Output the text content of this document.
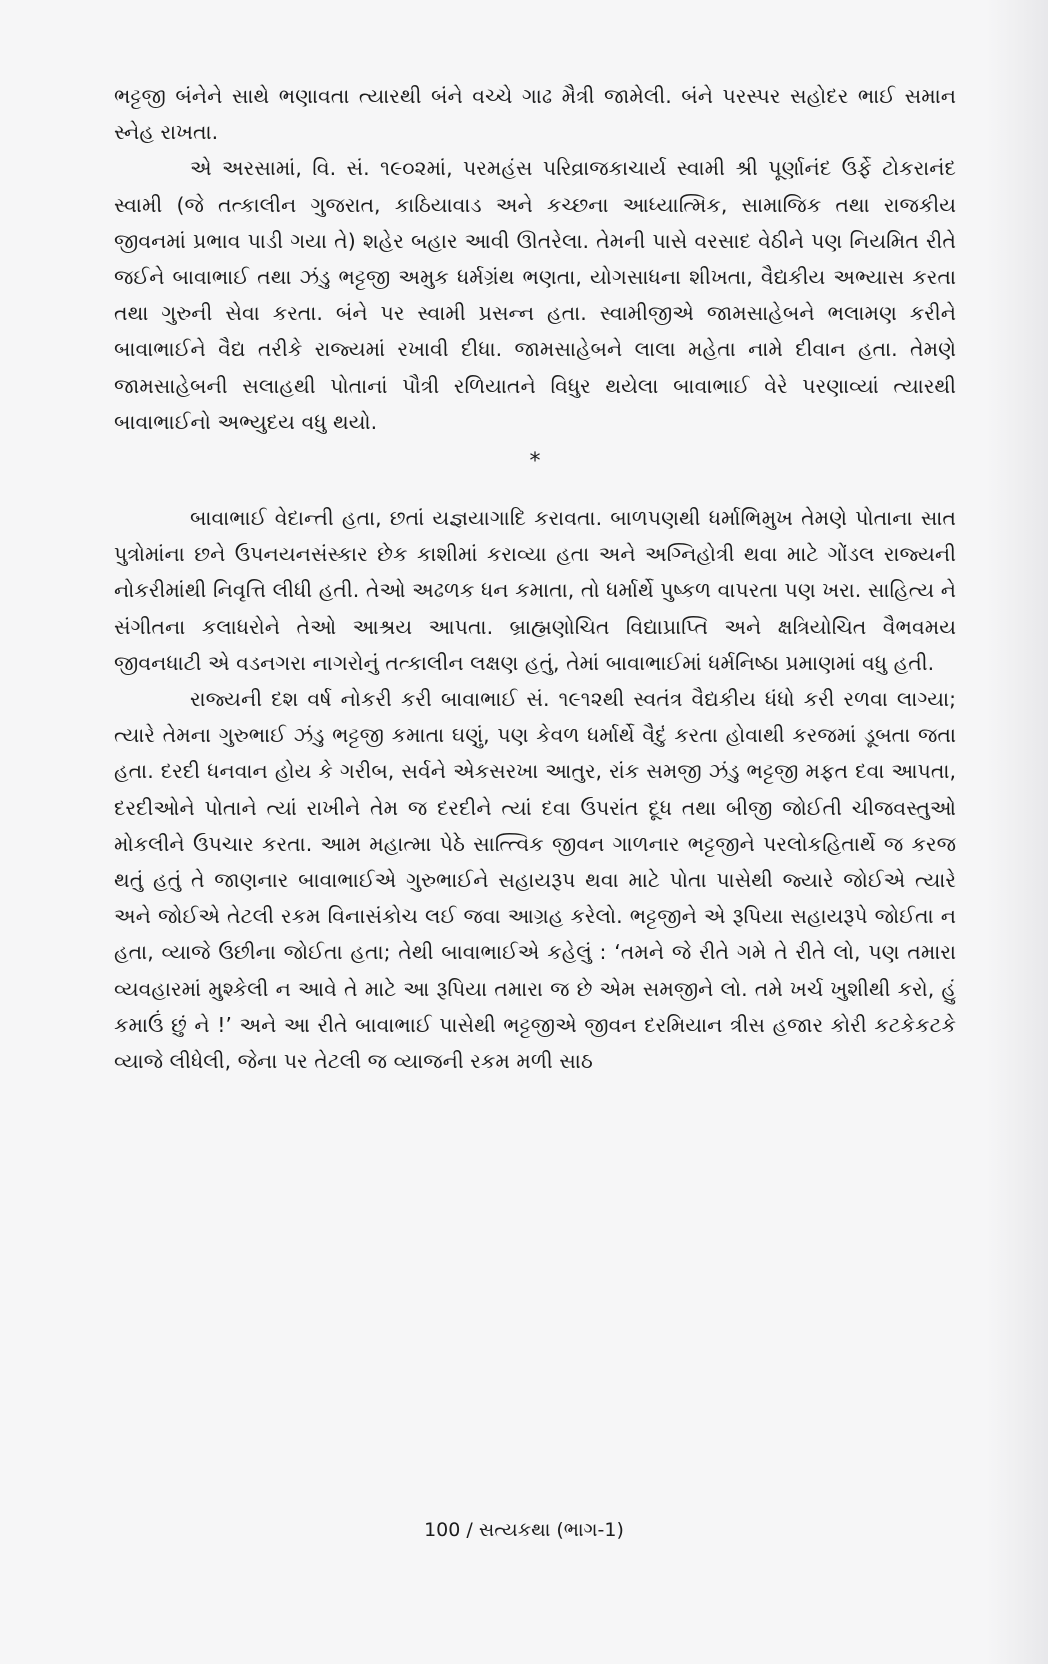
ભટ્ટજી બંનેને સાથે ભણાવતા ત્યારથી બંને વચ્ચે ગાઢ મૈત્રી જામેલી. બંને પરસ્પર સહોદર ભાઈ સમાન સ્નેહ રાખતા.

એ અરસામાં, વિ. સં. ૧૯૦૨માં, પરમહંસ પરિવ્રાજકાચાર્ય સ્વામી શ્રી પૂર્ણાનંદ ઉર્ફે ટોકરાનંદ સ્વામી (જે તત્કાલીન ગુજરાત, કાઠિયાવાડ અને કચ્છના આધ્યાત્મિક, સામાજિક તથા રાજકીય જીવનમાં પ્રભાવ પાડી ગયા તે) શહેર બહાર આવી ઊતરેલા. તેમની પાસે વરસાદ વેઠીને પણ નિયમિત રીતે જઈને બાવાભાઈ તથા ઝંડુ ભટ્ટજી અમુક ધર્મગ્રંથ ભણતા, યોગસાધના શીખતા, વૈદ્યકીય અભ્યાસ કરતા તથા ગુરુની સેવા કરતા. બંને પર સ્વામી પ્રસન્ન હતા. સ્વામીજીએ જામસાહેબને ભલામણ કરીને બાવાભાઈને વૈદ્ય તરીકે રાજ્યમાં રખાવી દીધા. જામસાહેબને લાલા મહેતા નામે દીવાન હતા. તેમણે જામસાહેબની સલાહથી પોતાનાં પૌત્રી રળિયાતને વિધુર થયેલા બાવાભાઈ વેરે પરણાવ્યાં ત્યારથી બાવાભાઈનો અભ્યુદય વધુ થયો.

*

બાવાભાઈ વેદાન્તી હતા, છતાં યજ્ઞયાગાદિ કરાવતા. બાળપણથી ધર્માભિમુખ તેમણે પોતાના સાત પુત્રોમાંના છને ઉપનયનસંસ્કાર છેક કાશીમાં કરાવ્યા હતા અને અગ્નિહોત્રી થવા માટે ગોંડલ રાજ્યની નોકરીમાંથી નિવૃત્તિ લીધી હતી. તેઓ અઢળક ધન કમાતા, તો ધર્માર્થે પુષ્કળ વાપરતા પણ ખરા. સાહિત્ય ને સંગીતના કલાધરોને તેઓ આશ્રય આપતા. બ્રાહ્મણોચિત વિદ્યાપ્રાપ્તિ અને ક્ષત્રિયોચિત વૈભવમય જીવનધાટી એ વડનગરા નાગરોનું તત્કાલીન લક્ષણ હતું, તેમાં બાવાભાઈમાં ધર્મનિષ્ઠા પ્રમાણમાં વધુ હતી.

રાજ્યની દશ વર્ષ નોકરી કરી બાવાભાઈ સં. ૧૯૧૨થી સ્વતંત્ર વૈદ્યકીય ધંધો કરી રળવા લાગ્યા; ત્યારે તેમના ગુરુભાઈ ઝંડુ ભટ્ટજી કમાતા ઘણું, પણ કેવળ ધર્માર્થે વૈદું કરતા હોવાથી કરજમાં ડૂબતા જતા હતા. દરદી ધનવાન હોય કે ગરીબ, સર્વને એકસરખા આતુર, રાંક સમજી ઝંડુ ભટ્ટજી મફત દવા આપતા, દરદીઓને પોતાને ત્યાં રાખીને તેમ જ દરદીને ત્યાં દવા ઉપરાંત દૂધ તથા બીજી જોઈતી ચીજવસ્તુઓ મોકલીને ઉપચાર કરતા. આમ મહાત્મા પેઠે સાત્ત્વિક જીવન ગાળનાર ભટ્ટજીને પરલોકહિતાર્થે જ કરજ થતું હતું તે જાણનાર બાવાભાઈએ ગુરુભાઈને સહાયરૂપ થવા માટે પોતા પાસેથી જ્યારે જોઈએ ત્યારે અને જોઈએ તેટલી રકમ વિનાસંકોચ લઈ જવા આગ્રહ કરેલો. ભટ્ટજીને એ રૂપિયા સહાયરૂપે જોઈતા ન હતા, વ્યાજે ઉછીના જોઈતા હતા; તેથી બાવાભાઈએ કહેલું : ‘તમને જે રીતે ગમે તે રીતે લો, પણ તમારા વ્યવહારમાં મુશ્કેલી ન આવે તે માટે આ રૂપિયા તમારા જ છે એમ સમજીને લો. તમે ખર્ચ ખુશીથી કરો, હું કમાઉં છું ને !’ અને આ રીતે બાવાભાઈ પાસેથી ભટ્ટજીએ જીવન દરમિયાન ત્રીસ હજાર કોરી કટકેકટકે વ્યાજે લીધેલી, જેના પર તેટલી જ વ્યાજની રકમ મળી સાઠ

100 / સત્યકથા (ભાગ-1)
